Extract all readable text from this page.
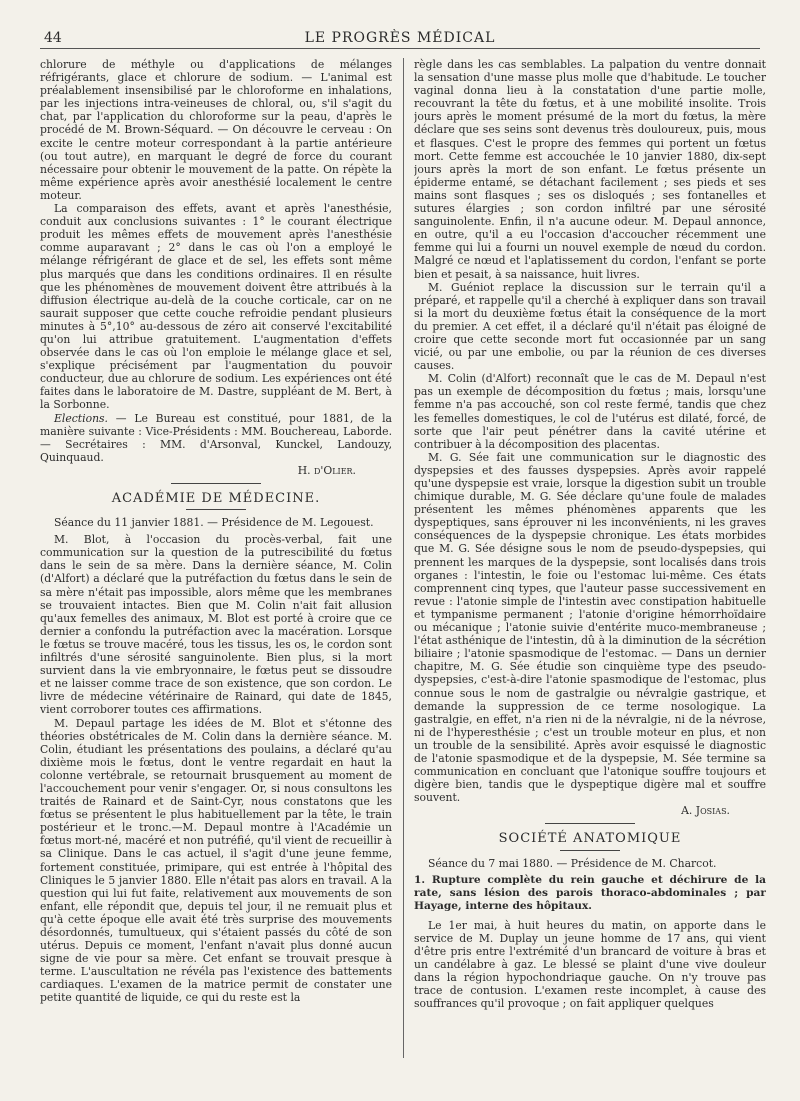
44	LE PROGRÈS MÉDICAL

chlorure de méthyle ou d'applications de mélanges réfrigérants, glace et chlorure de sodium. — L'animal est préalablement insensibilisé par le chloroforme en inhalations, par les injections intra-veineuses de chloral, ou, s'il s'agit du chat, par l'application du chloroforme sur la peau, d'après le procédé de M. Brown-Séquard. — On découvre le cerveau : On excite le centre moteur correspondant à la partie antérieure (ou tout autre), en marquant le degré de force du courant nécessaire pour obtenir le mouvement de la patte. On répète la même expérience après avoir anesthésié localement le centre moteur.

La comparaison des effets, avant et après l'anesthésie, conduit aux conclusions suivantes : 1° le courant électrique produit les mêmes effets de mouvement après l'anesthésie comme auparavant ; 2° dans le cas où l'on a employé le mélange réfrigérant de glace et de sel, les effets sont même plus marqués que dans les conditions ordinaires. Il en résulte que les phénomènes de mouvement doivent être attribués à la diffusion électrique au-delà de la couche corticale, car on ne saurait supposer que cette couche refroidie pendant plusieurs minutes à 5°,10° au-dessous de zéro ait conservé l'excitabilité qu'on lui attribue gratuitement. L'augmentation d'effets observée dans le cas où l'on emploie le mélange glace et sel, s'explique précisément par l'augmentation du pouvoir conducteur, due au chlorure de sodium. Les expériences ont été faites dans le laboratoire de M. Dastre, suppléant de M. Bert, à la Sorbonne.

Elections. — Le Bureau est constitué, pour 1881, de la manière suivante : Vice-Présidents : MM. Bouchereau, Laborde. — Secrétaires : MM. d'Arsonval, Kunckel, Landouzy, Quinquaud.

H. d'Olier.
ACADÉMIE DE MÉDECINE.

Séance du 11 janvier 1881. — Présidence de M. Legouest.

M. Blot, à l'occasion du procès-verbal, fait une communication sur la question de la putrescibilité du fœtus dans le sein de sa mère. Dans la dernière séance, M. Colin (d'Alfort) a déclaré que la putréfaction du fœtus dans le sein de sa mère n'était pas impossible, alors même que les membranes se trouvaient intactes. Bien que M. Colin n'ait fait allusion qu'aux femelles des animaux, M. Blot est porté à croire que ce dernier a confondu la putréfaction avec la macération. Lorsque le fœtus se trouve macéré, tous les tissus, les os, le cordon sont infiltrés d'une sérosité sanguinolente. Bien plus, si la mort survient dans la vie embryonnaire, le fœtus peut se dissoudre et ne laisser comme trace de son existence, que son cordon. Le livre de médecine vétérinaire de Rainard, qui date de 1845, vient corroborer toutes ces affirmations.

M. Depaul partage les idées de M. Blot et s'étonne des théories obstétricales de M. Colin dans la dernière séance. M. Colin, étudiant les présentations des poulains, a déclaré qu'au dixième mois le fœtus, dont le ventre regardait en haut la colonne vertébrale, se retournait brusquement au moment de l'accouchement pour venir s'engager. Or, si nous consultons les traités de Rainard et de Saint-Cyr, nous constatons que les fœtus se présentent le plus habituellement par la tête, le train postérieur et le tronc.—M. Depaul montre à l'Académie un fœtus mort-né, macéré et non putréfié, qu'il vient de recueillir à sa Clinique. Dans le cas actuel, il s'agit d'une jeune femme, fortement constituée, primipare, qui est entrée à l'hôpital des Cliniques le 5 janvier 1880. Elle n'était pas alors en travail. A la question qui lui fut faite, relativement aux mouvements de son enfant, elle répondit que, depuis tel jour, il ne remuait plus et qu'à cette époque elle avait été très surprise des mouvements désordonnés, tumultueux, qui s'étaient passés du côté de son utérus. Depuis ce moment, l'enfant n'avait plus donné aucun signe de vie pour sa mère. Cet enfant se trouvait presque à terme. L'auscultation ne révéla pas l'existence des battements cardiaques. L'examen de la matrice permit de constater une petite quantité de liquide, ce qui du reste est la

règle dans les cas semblables. La palpation du ventre donnait la sensation d'une masse plus molle que d'habitude. Le toucher vaginal donna lieu à la constatation d'une partie molle, recouvrant la tête du fœtus, et à une mobilité insolite. Trois jours après le moment présumé de la mort du fœtus, la mère déclare que ses seins sont devenus très douloureux, puis, mous et flasques. C'est le propre des femmes qui portent un fœtus mort. Cette femme est accouchée le 10 janvier 1880, dix-sept jours après la mort de son enfant. Le fœtus présente un épiderme entamé, se détachant facilement ; ses pieds et ses mains sont flasques ; ses os disloqués ; ses fontanelles et sutures élargies ; son cordon infiltré par une sérosité sanguinolente. Enfin, il n'a aucune odeur. M. Depaul annonce, en outre, qu'il a eu l'occasion d'accoucher récemment une femme qui lui a fourni un nouvel exemple de nœud du cordon. Malgré ce nœud et l'aplatissement du cordon, l'enfant se porte bien et pesait, à sa naissance, huit livres.

M. Guéniot replace la discussion sur le terrain qu'il a préparé, et rappelle qu'il a cherché à expliquer dans son travail si la mort du deuxième fœtus était la conséquence de la mort du premier. A cet effet, il a déclaré qu'il n'était pas éloigné de croire que cette seconde mort fut occasionnée par un sang vicié, ou par une embolie, ou par la réunion de ces diverses causes.

M. Colin (d'Alfort) reconnaît que le cas de M. Depaul n'est pas un exemple de décomposition du fœtus ; mais, lorsqu'une femme n'a pas accouché, son col reste fermé, tandis que chez les femelles domestiques, le col de l'utérus est dilaté, forcé, de sorte que l'air peut pénétrer dans la cavité utérine et contribuer à la décomposition des placentas.

M. G. Sée fait une communication sur le diagnostic des dyspepsies et des fausses dyspepsies. Après avoir rappelé qu'une dyspepsie est vraie, lorsque la digestion subit un trouble chimique durable, M. G. Sée déclare qu'une foule de malades présentent les mêmes phénomènes apparents que les dyspeptiques, sans éprouver ni les inconvénients, ni les graves conséquences de la dyspepsie chronique. Les états morbides que M. G. Sée désigne sous le nom de pseudo-dyspepsies, qui prennent les marques de la dyspepsie, sont localisés dans trois organes : l'intestin, le foie ou l'estomac lui-même. Ces états comprennent cinq types, que l'auteur passe successivement en revue : l'atonie simple de l'intestin avec constipation habituelle et tympanisme permanent ; l'atonie d'origine hémorrhoïdaire ou mécanique ; l'atonie suivie d'entérite muco-membraneuse ; l'état asthénique de l'intestin, dû à la diminution de la sécrétion biliaire ; l'atonie spasmodique de l'estomac. — Dans un dernier chapitre, M. G. Sée étudie son cinquième type des pseudo-dyspepsies, c'est-à-dire l'atonie spasmodique de l'estomac, plus connue sous le nom de gastralgie ou névralgie gastrique, et demande la suppression de ce terme nosologique. La gastralgie, en effet, n'a rien ni de la névralgie, ni de la névrose, ni de l'hyperesthésie ; c'est un trouble moteur en plus, et non un trouble de la sensibilité. Après avoir esquissé le diagnostic de l'atonie spasmodique et de la dyspepsie, M. Sée termine sa communication en concluant que l'atonique souffre toujours et digère bien, tandis que le dyspeptique digère mal et souffre souvent.

A. Josias.
SOCIÉTÉ ANATOMIQUE

Séance du 7 mai 1880. — Présidence de M. Charcot.

1. Rupture complète du rein gauche et déchirure de la rate, sans lésion des parois thoraco-abdominales ; par Hayage, interne des hôpitaux.

Le 1er mai, à huit heures du matin, on apporte dans le service de M. Duplay un jeune homme de 17 ans, qui vient d'être pris entre l'extrémité d'un brancard de voiture à bras et un candélabre à gaz. Le blessé se plaint d'une vive douleur dans la région hypochondriaque gauche. On n'y trouve pas trace de contusion. L'examen reste incomplet, à cause des souffrances qu'il provoque ; on fait appliquer quelques
